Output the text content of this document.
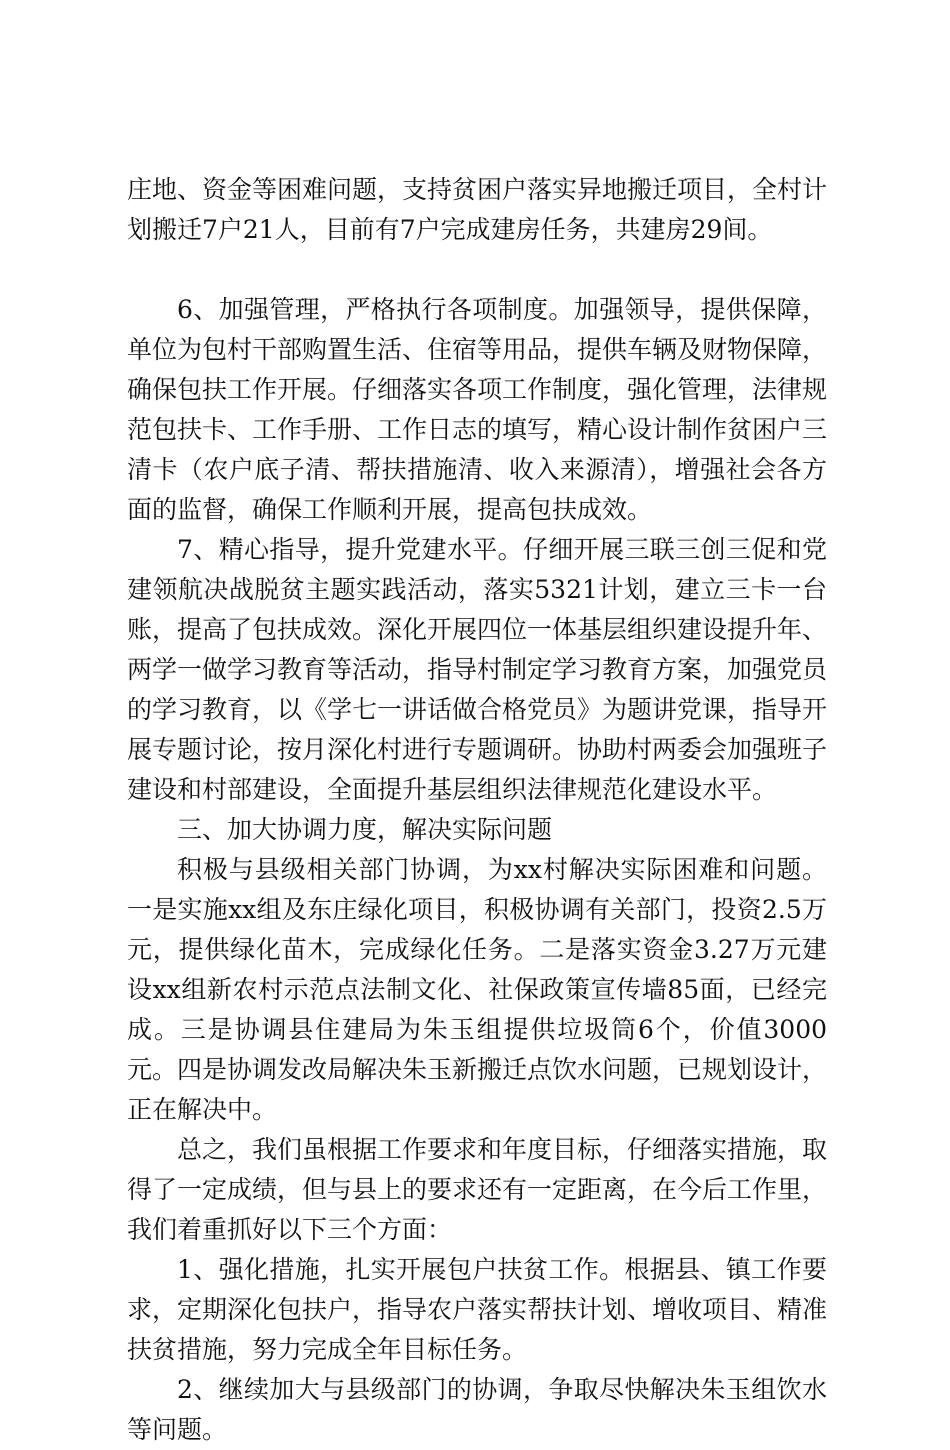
庄地、资金等困难问题，支持贫困户落实异地搬迁项目，全村计划搬迁7户21人，目前有7户完成建房任务，共建房29间。

6、加强管理，严格执行各项制度。加强领导，提供保障，单位为包村干部购置生活、住宿等用品，提供车辆及财物保障，确保包扶工作开展。仔细落实各项工作制度，强化管理，法律规范包扶卡、工作手册、工作日志的填写，精心设计制作贫困户三清卡（农户底子清、帮扶措施清、收入来源清），增强社会各方面的监督，确保工作顺利开展，提高包扶成效。

7、精心指导，提升党建水平。仔细开展三联三创三促和党建领航决战脱贫主题实践活动，落实5321计划，建立三卡一台账，提高了包扶成效。深化开展四位一体基层组织建设提升年、两学一做学习教育等活动，指导村制定学习教育方案，加强党员的学习教育，以《学七一讲话做合格党员》为题讲党课，指导开展专题讨论，按月深化村进行专题调研。协助村两委会加强班子建设和村部建设，全面提升基层组织法律规范化建设水平。

三、加大协调力度，解决实际问题

积极与县级相关部门协调，为xx村解决实际困难和问题。一是实施xx组及东庄绿化项目，积极协调有关部门，投资2.5万元，提供绿化苗木，完成绿化任务。二是落实资金3.27万元建设xx组新农村示范点法制文化、社保政策宣传墙85面，已经完成。三是协调县住建局为朱玉组提供垃圾筒6个，价值3000元。四是协调发改局解决朱玉新搬迁点饮水问题，已规划设计，正在解决中。

总之，我们虽根据工作要求和年度目标，仔细落实措施，取得了一定成绩，但与县上的要求还有一定距离，在今后工作里，我们着重抓好以下三个方面：

1、强化措施，扎实开展包户扶贫工作。根据县、镇工作要求，定期深化包扶户，指导农户落实帮扶计划、增收项目、精准扶贫措施，努力完成全年目标任务。

2、继续加大与县级部门的协调，争取尽快解决朱玉组饮水等问题。
